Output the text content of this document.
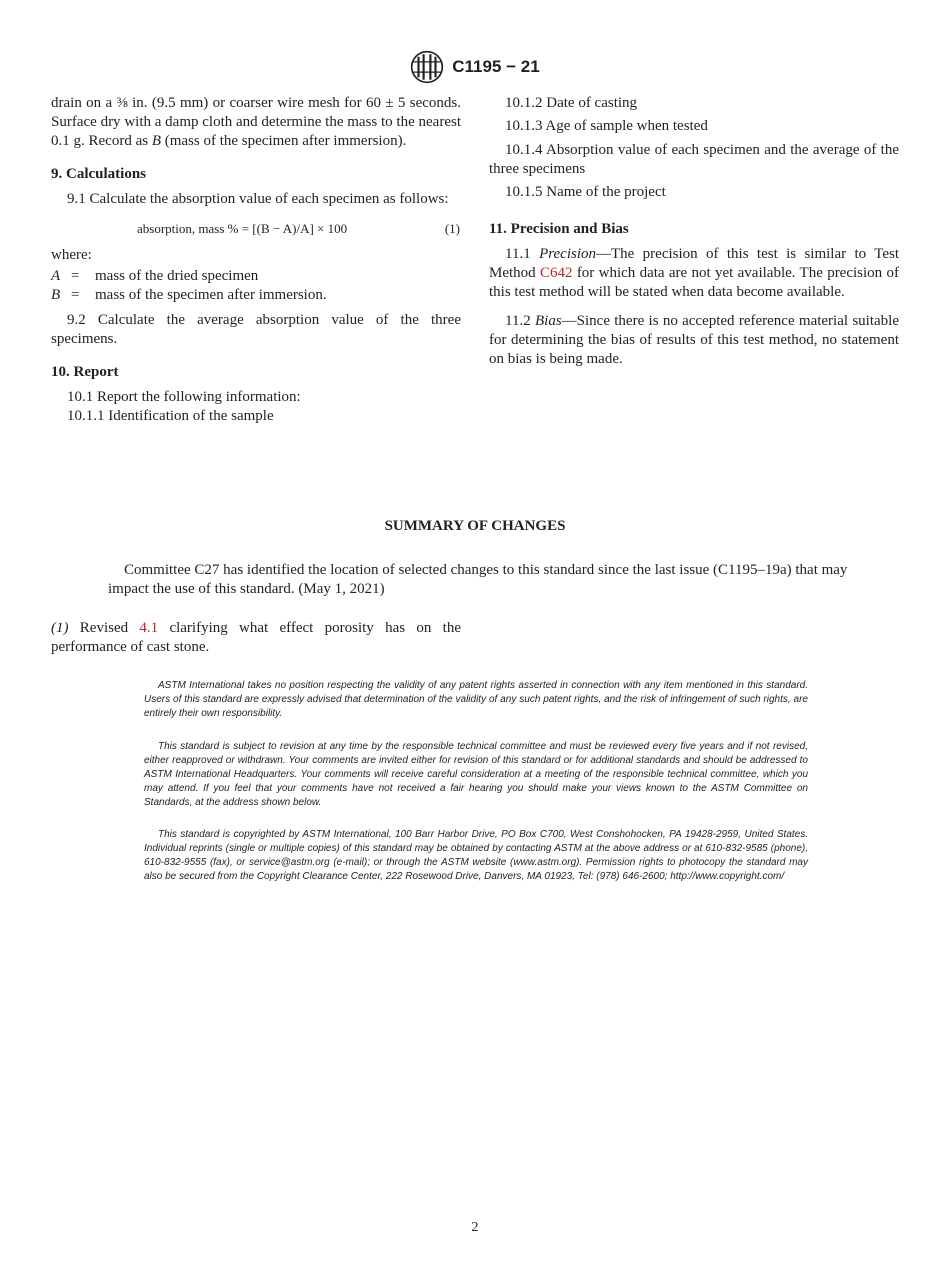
C1195 − 21

drain on a ⅜ in. (9.5 mm) or coarser wire mesh for 60 ± 5 seconds. Surface dry with a damp cloth and determine the mass to the nearest 0.1 g. Record as B (mass of the specimen after immersion).

9. Calculations

9.1 Calculate the absorption value of each specimen as follows:

absorption, mass % = [(B − A)/A] × 100	(1)

where:

A =	mass of the dried specimen
B =	mass of the specimen after immersion.

9.2 Calculate the average absorption value of the three specimens.

10. Report

10.1 Report the following information:

10.1.1 Identification of the sample

10.1.2 Date of casting

10.1.3 Age of sample when tested

10.1.4 Absorption value of each specimen and the average of the three specimens

10.1.5 Name of the project

11. Precision and Bias

11.1 Precision—The precision of this test is similar to Test Method C642 for which data are not yet available. The precision of this test method will be stated when data become available.

11.2 Bias—Since there is no accepted reference material suitable for determining the bias of results of this test method, no statement on bias is being made.

SUMMARY OF CHANGES

Committee C27 has identified the location of selected changes to this standard since the last issue (C1195–19a) that may impact the use of this standard. (May 1, 2021)

(1) Revised 4.1 clarifying what effect porosity has on the performance of cast stone.

ASTM International takes no position respecting the validity of any patent rights asserted in connection with any item mentioned in this standard. Users of this standard are expressly advised that determination of the validity of any such patent rights, and the risk of infringement of such rights, are entirely their own responsibility.

This standard is subject to revision at any time by the responsible technical committee and must be reviewed every five years and if not revised, either reapproved or withdrawn. Your comments are invited either for revision of this standard or for additional standards and should be addressed to ASTM International Headquarters. Your comments will receive careful consideration at a meeting of the responsible technical committee, which you may attend. If you feel that your comments have not received a fair hearing you should make your views known to the ASTM Committee on Standards, at the address shown below.

This standard is copyrighted by ASTM International, 100 Barr Harbor Drive, PO Box C700, West Conshohocken, PA 19428-2959, United States. Individual reprints (single or multiple copies) of this standard may be obtained by contacting ASTM at the above address or at 610-832-9585 (phone), 610-832-9555 (fax), or service@astm.org (e-mail); or through the ASTM website (www.astm.org). Permission rights to photocopy the standard may also be secured from the Copyright Clearance Center, 222 Rosewood Drive, Danvers, MA 01923, Tel: (978) 646-2600; http://www.copyright.com/

2
